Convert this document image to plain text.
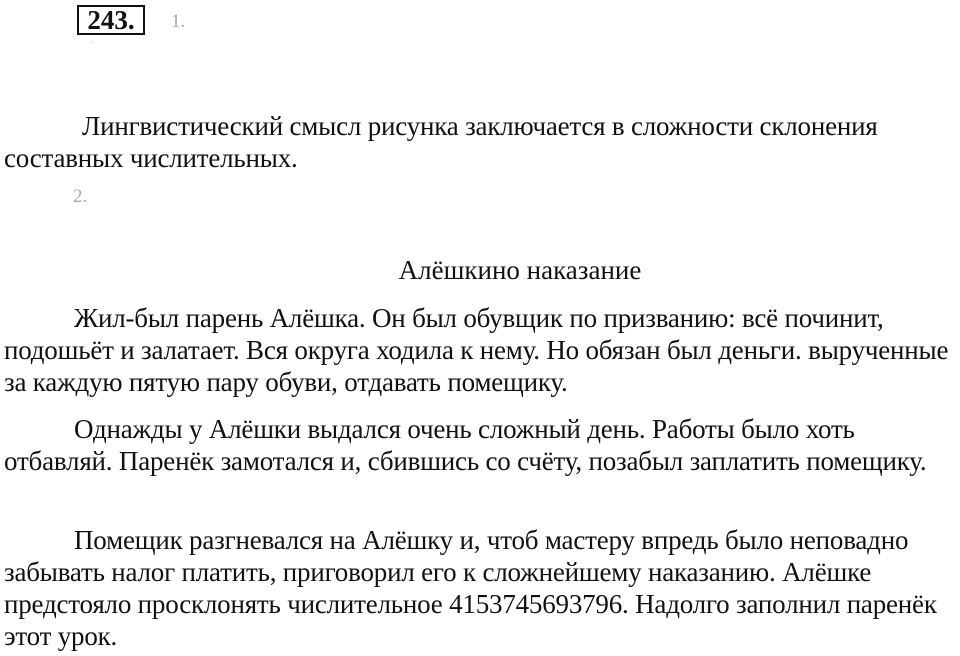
243.	1.
·

Лингвистический смысл рисунка заключается в сложности склонения составных числительных.

2.

Алёшкино наказание

Жил-был парень Алёшка. Он был обувщик по призванию: всё починит, подошьёт и залатает. Вся округа ходила к нему. Но обязан был деньги. вырученные за каждую пятую пару обуви, отдавать помещику.

Однажды у Алёшки выдался очень сложный день. Работы было хоть отбавляй. Паренёк замотался и, сбившись со счёту, позабыл заплатить помещику.

Помещик разгневался на Алёшку и, чтоб мастеру впредь было неповадно забывать налог платить, приговорил его к сложнейшему наказанию. Алёшке предстояло просклонять числительное 4153745693796. Надолго заполнил паренёк этот урок.
